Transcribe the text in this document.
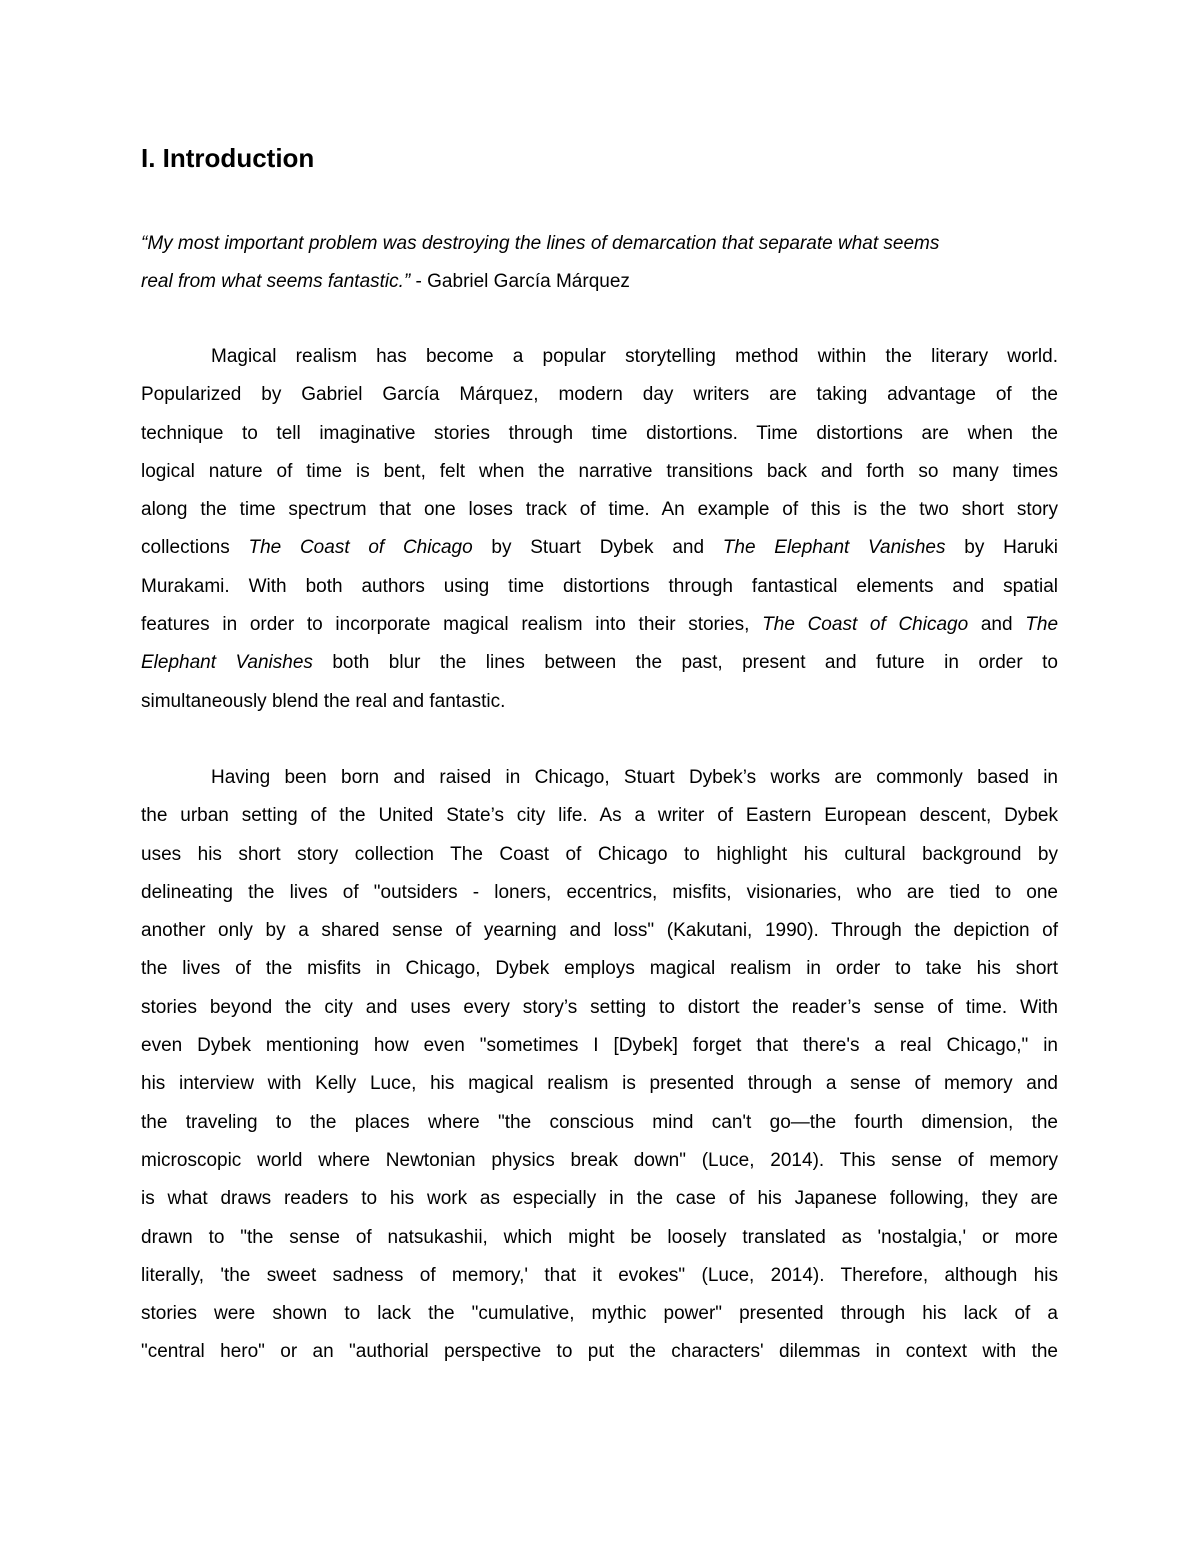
I. Introduction

“My most important problem was destroying the lines of demarcation that separate what seems
real from what seems fantastic.” - Gabriel García Márquez

Magical realism has become a popular storytelling method within the literary world.
Popularized by Gabriel García Márquez, modern day writers are taking advantage of the
technique to tell imaginative stories through time distortions. Time distortions are when the
logical nature of time is bent, felt when the narrative transitions back and forth so many times
along the time spectrum that one loses track of time. An example of this is the two short story
collections The Coast of Chicago by Stuart Dybek and The Elephant Vanishes by Haruki
Murakami. With both authors using time distortions through fantastical elements and spatial
features in order to incorporate magical realism into their stories, The Coast of Chicago and The
Elephant Vanishes both blur the lines between the past, present and future in order to
simultaneously blend the real and fantastic.

Having been born and raised in Chicago, Stuart Dybek’s works are commonly based in
the urban setting of the United State’s city life. As a writer of Eastern European descent, Dybek
uses his short story collection The Coast of Chicago to highlight his cultural background by
delineating the lives of "outsiders - loners, eccentrics, misfits, visionaries, who are tied to one
another only by a shared sense of yearning and loss" (Kakutani, 1990). Through the depiction of
the lives of the misfits in Chicago, Dybek employs magical realism in order to take his short
stories beyond the city and uses every story’s setting to distort the reader’s sense of time. With
even Dybek mentioning how even "sometimes I [Dybek] forget that there's a real Chicago," in
his interview with Kelly Luce, his magical realism is presented through a sense of memory and
the traveling to the places where "the conscious mind can't go—the fourth dimension, the
microscopic world where Newtonian physics break down" (Luce, 2014). This sense of memory
is what draws readers to his work as especially in the case of his Japanese following, they are
drawn to "the sense of natsukashii, which might be loosely translated as 'nostalgia,' or more
literally, 'the sweet sadness of memory,' that it evokes" (Luce, 2014). Therefore, although his
stories were shown to lack the "cumulative, mythic power" presented through his lack of a
"central hero" or an "authorial perspective to put the characters' dilemmas in context with the
